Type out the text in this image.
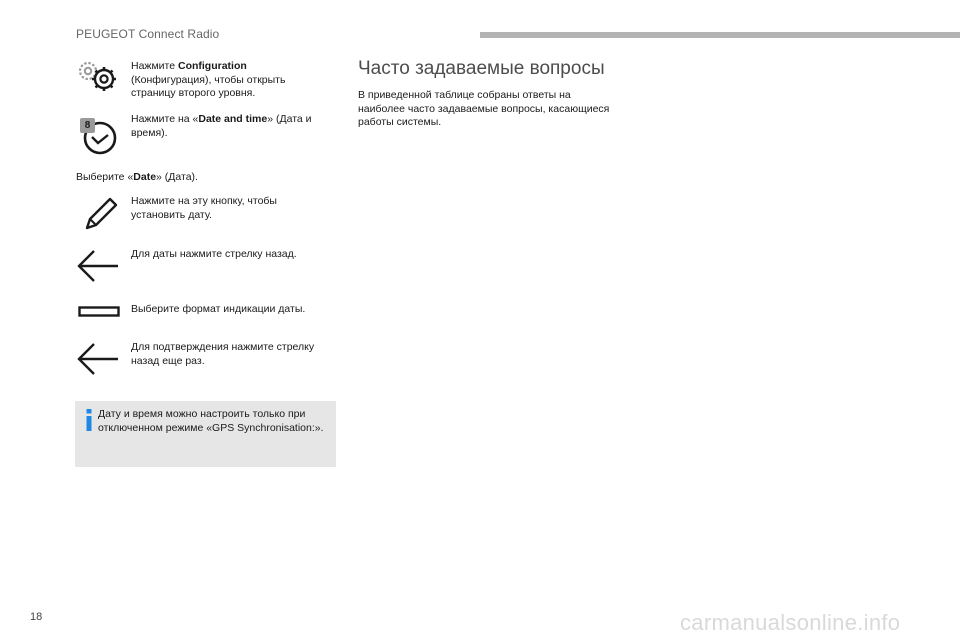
PEUGEOT Connect Radio
Нажмите Configuration
(Конфигурация), чтобы открыть
страницу второго уровня.
8
Нажмите на «Date and time» (Дата и
время).
Выберите «Date» (Дата).
Нажмите на эту кнопку, чтобы
установить дату.
Для даты нажмите стрелку назад.
Выберите формат индикации даты.
Для подтверждения нажмите стрелку
назад еще раз.
Дату и время можно настроить только при
отключенном режиме «GPS Synchronisation:».
Часто задаваемые вопросы
В приведенной таблице собраны ответы на
наиболее часто задаваемые вопросы, касающиеся
работы системы.
18	carmanualsonline.info
